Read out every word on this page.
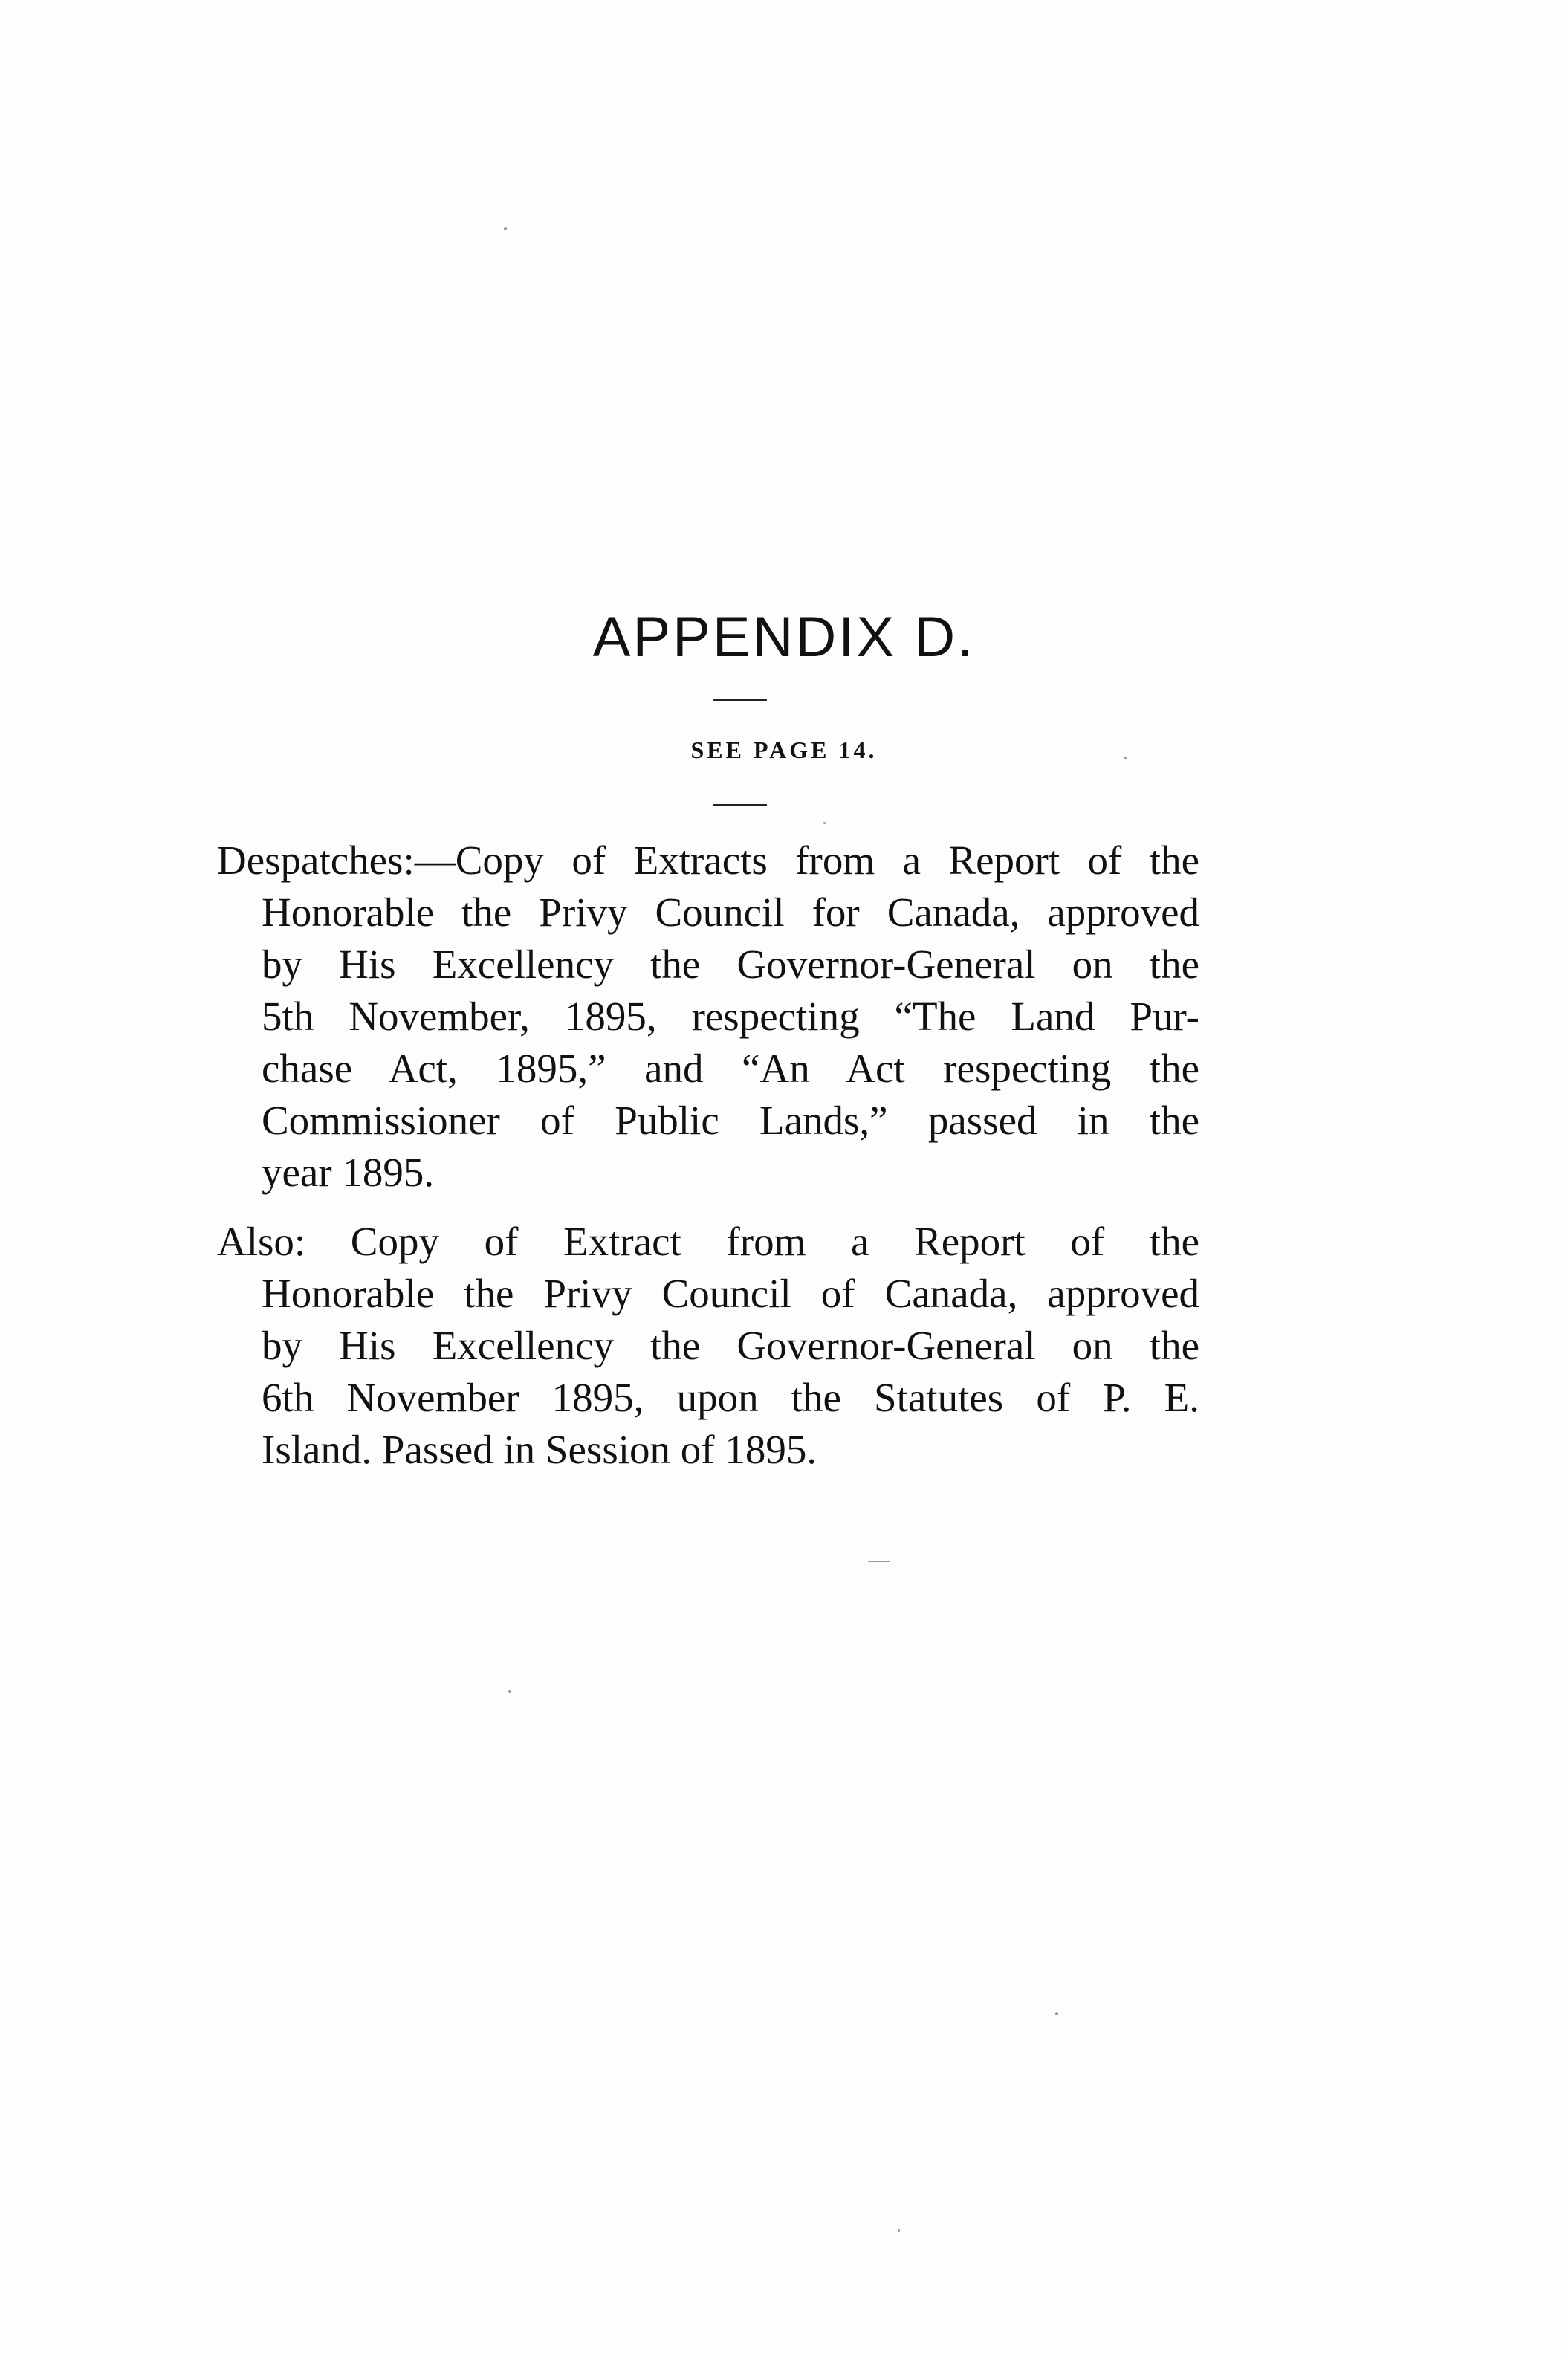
APPENDIX D.
SEE PAGE 14.
Despatches:—Copy of Extracts from a Report of the
Honorable the Privy Council for Canada, approved
by His Excellency the Governor-General on the
5th November, 1895, respecting “The Land Pur-
chase Act, 1895,” and “An Act respecting the
Commissioner of Public Lands,” passed in the
year 1895.
Also: Copy of Extract from a Report of the
Honorable the Privy Council of Canada, approved
by His Excellency the Governor-General on the
6th November 1895, upon the Statutes of P. E.
Island. Passed in Session of 1895.
